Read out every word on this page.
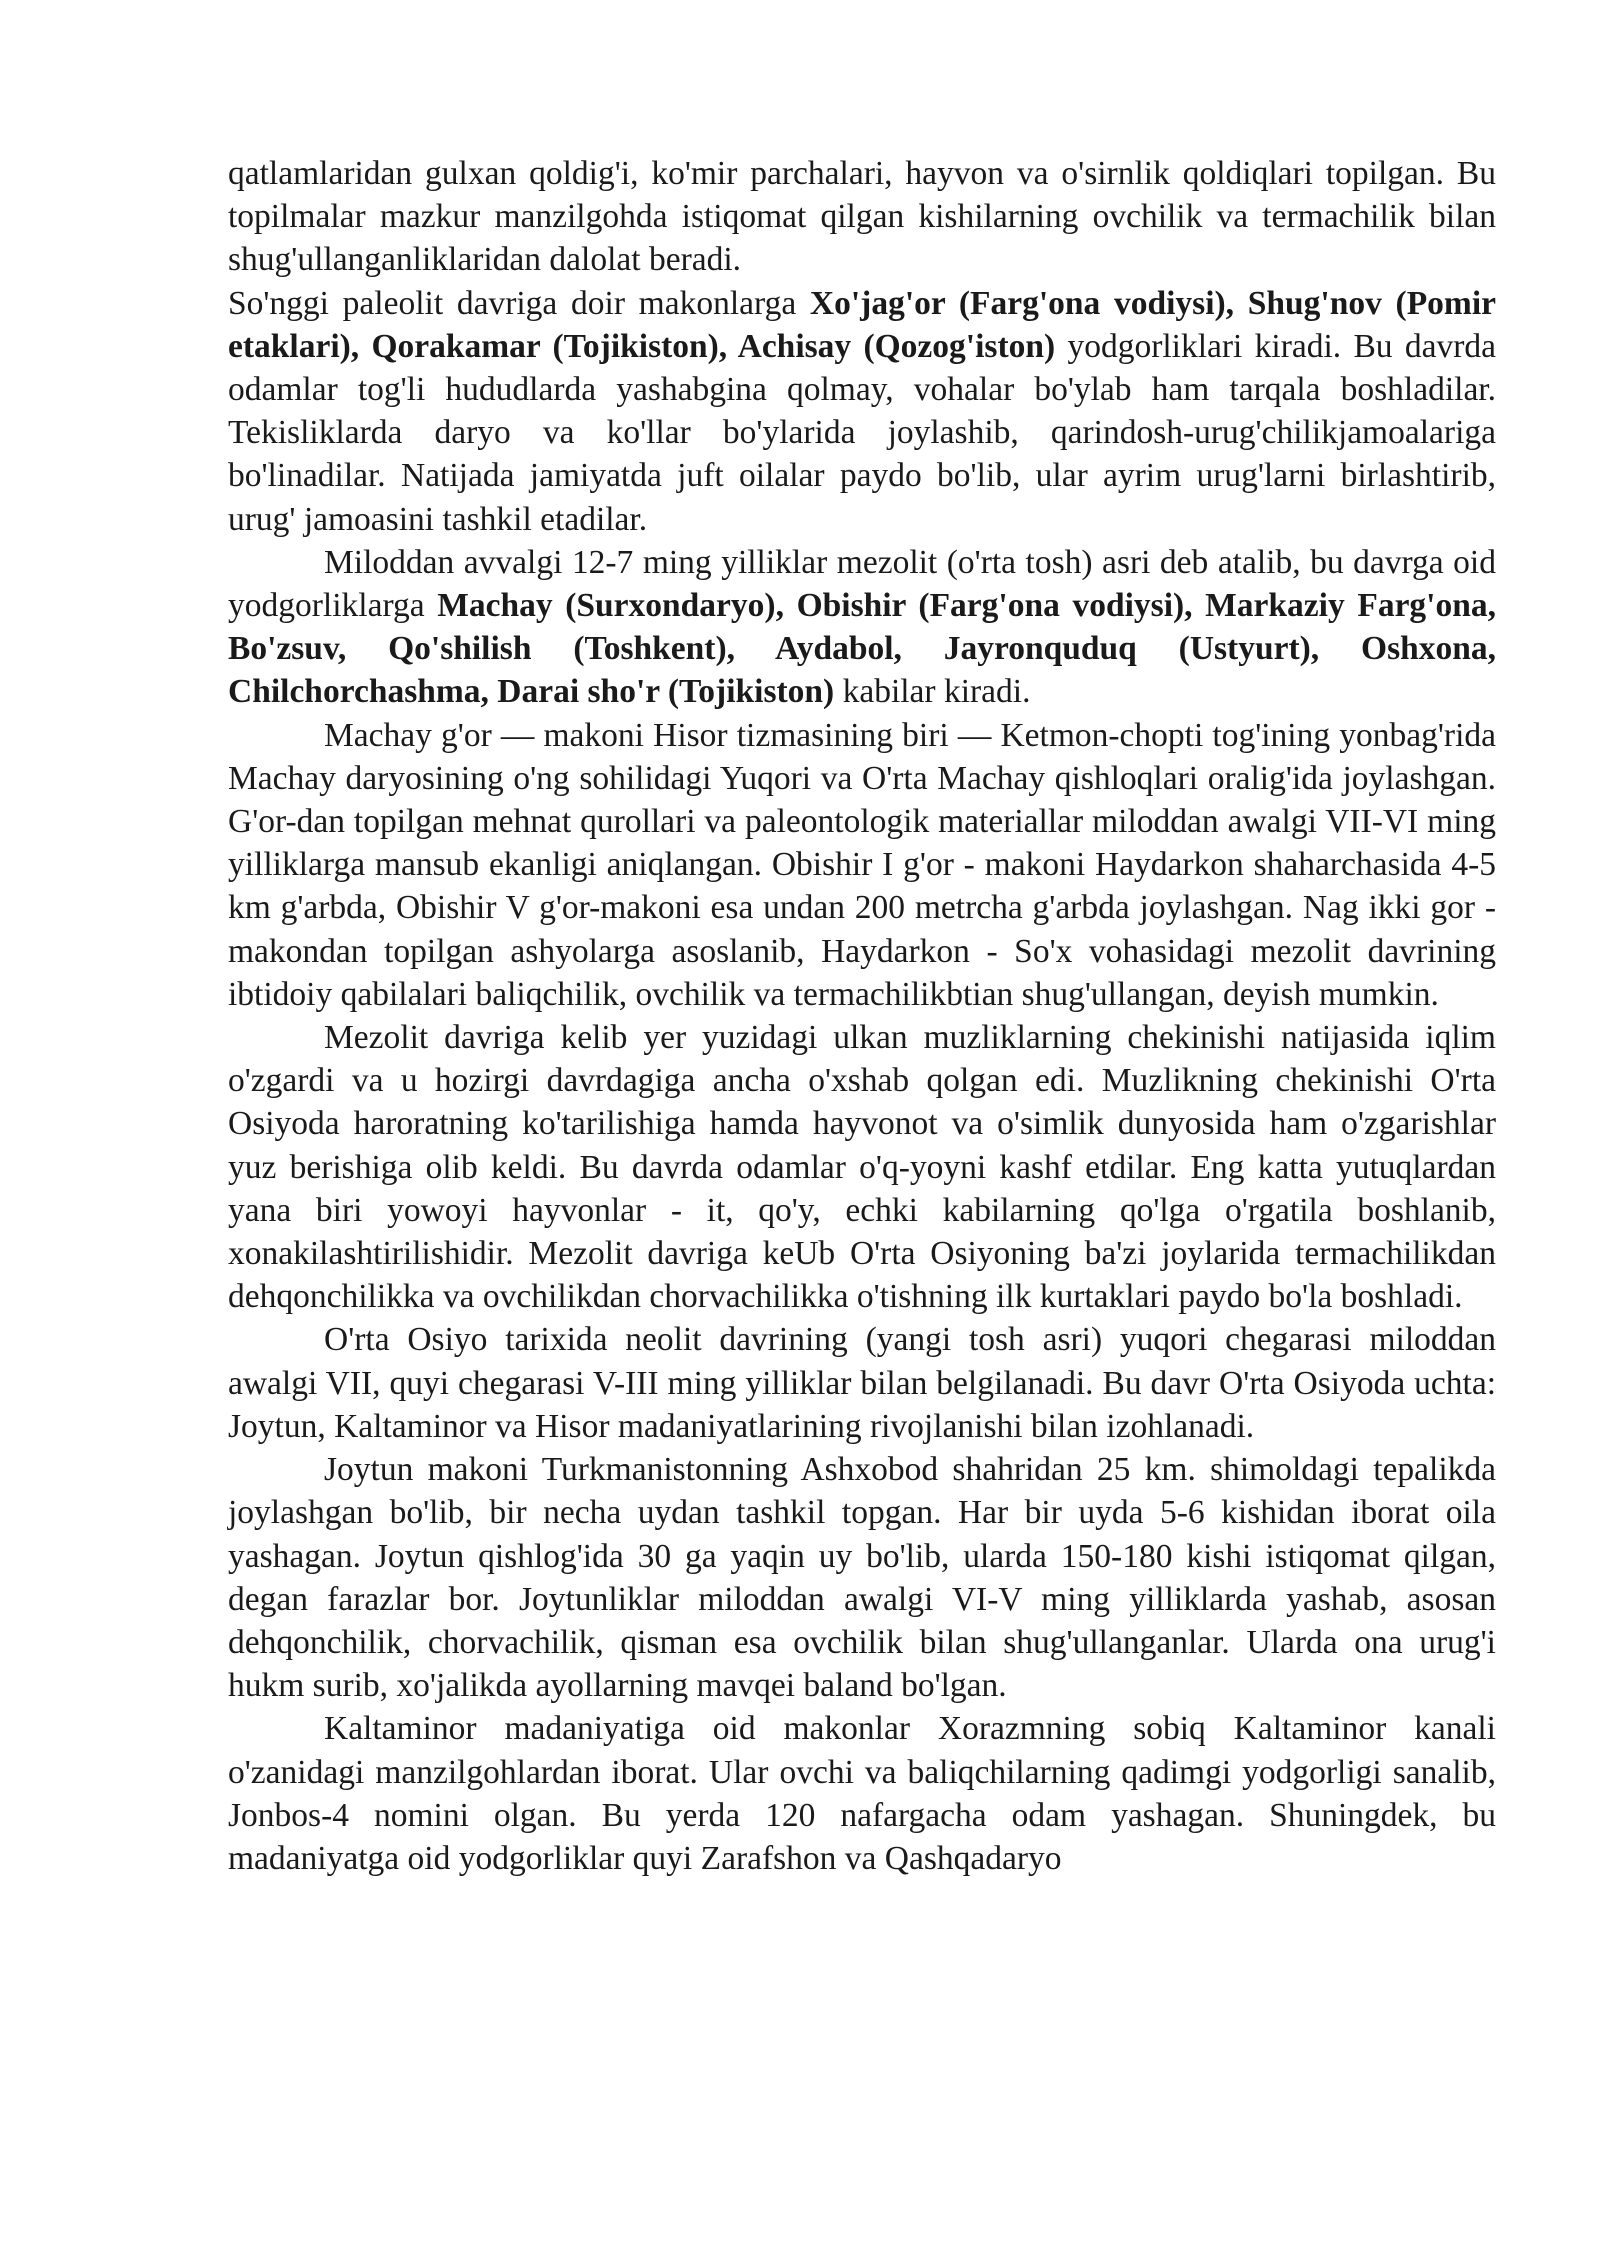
qatlamlaridan gulxan qoldig'i, ko'mir parchalari, hayvon va o'sirnlik qoldiqlari topilgan. Bu topilmalar mazkur manzilgohda istiqomat qilgan kishilarning ovchilik va termachilik bilan shug'ullanganliklaridan dalolat beradi.

So'nggi paleolit davriga doir makonlarga Xo'jag'or (Farg'ona vodiysi), Shug'nov (Pomir etaklari), Qorakamar (Tojikiston), Achisay (Qozog'iston) yodgorliklari kiradi. Bu davrda odamlar tog'li hududlarda yashabgina qolmay, vohalar bo'ylab ham tarqala boshladilar. Tekisliklarda daryo va ko'llar bo'ylarida joylashib, qarindosh-urug'chilikjamoalariga bo'linadilar. Natijada jamiyatda juft oilalar paydo bo'lib, ular ayrim urug'larni birlashtirib, urug' jamoasini tashkil etadilar.

Miloddan avvalgi 12-7 ming yilliklar mezolit (o'rta tosh) asri deb atalib, bu davrga oid yodgorliklarga Machay (Surxondaryo), Obishir (Farg'ona vodiysi), Markaziy Farg'ona, Bo'zsuv, Qo'shilish (Toshkent), Aydabol, Jayronquduq (Ustyurt), Oshxona, Chilchorchashma, Darai sho'r (Tojikiston) kabilar kiradi.

Machay g'or — makoni Hisor tizmasining biri — Ketmon-chopti tog'ining yonbag'rida Machay daryosining o'ng sohilidagi Yuqori va O'rta Machay qishloqlari oralig'ida joylashgan. G'or-dan topilgan mehnat qurollari va paleontologik materiallar miloddan awalgi VII-VI ming yilliklarga mansub ekanligi aniqlangan. Obishir I g'or - makoni Haydarkon shaharchasida 4-5 km g'arbda, Obishir V g'or-makoni esa undan 200 metrcha g'arbda joylashgan. Nag ikki gor - makondan topilgan ashyolarga asoslanib, Haydarkon - So'x vohasidagi mezolit davrining ibtidoiy qabilalari baliqchilik, ovchilik va termachilikbtian shug'ullangan, deyish mumkin.

Mezolit davriga kelib yer yuzidagi ulkan muzliklarning chekinishi natijasida iqlim o'zgardi va u hozirgi davrdagiga ancha o'xshab qolgan edi. Muzlikning chekinishi O'rta Osiyoda haroratning ko'tarilishiga hamda hayvonot va o'simlik dunyosida ham o'zgarishlar yuz berishiga olib keldi. Bu davrda odamlar o'q-yoyni kashf etdilar. Eng katta yutuqlardan yana biri yowoyi hayvonlar - it, qo'y, echki kabilarning qo'lga o'rgatila boshlanib, xonakilashtirilishidir. Mezolit davriga keUb O'rta Osiyoning ba'zi joylarida termachilikdan dehqonchilikka va ovchilikdan chorvachilikka o'tishning ilk kurtaklari paydo bo'la boshladi.

O'rta Osiyo tarixida neolit davrining (yangi tosh asri) yuqori chegarasi miloddan awalgi VII, quyi chegarasi V-III ming yilliklar bilan belgilanadi. Bu davr O'rta Osiyoda uchta: Joytun, Kaltaminor va Hisor madaniyatlarining rivojlanishi bilan izohlanadi.

Joytun makoni Turkmanistonning Ashxobod shahridan 25 km. shimoldagi tepalikda joylashgan bo'lib, bir necha uydan tashkil topgan. Har bir uyda 5-6 kishidan iborat oila yashagan. Joytun qishlog'ida 30 ga yaqin uy bo'lib, ularda 150-180 kishi istiqomat qilgan, degan farazlar bor. Joytunliklar miloddan awalgi VI-V ming yilliklarda yashab, asosan dehqonchilik, chorvachilik, qisman esa ovchilik bilan shug'ullanganlar. Ularda ona urug'i hukm surib, xo'jalikda ayollarning mavqei baland bo'lgan.

Kaltaminor madaniyatiga oid makonlar Xorazmning sobiq Kaltaminor kanali o'zanidagi manzilgohlardan iborat. Ular ovchi va baliqchilarning qadimgi yodgorligi sanalib, Jonbos-4 nomini olgan. Bu yerda 120 nafargacha odam yashagan. Shuningdek, bu madaniyatga oid yodgorliklar quyi Zarafshon va Qashqadaryo
